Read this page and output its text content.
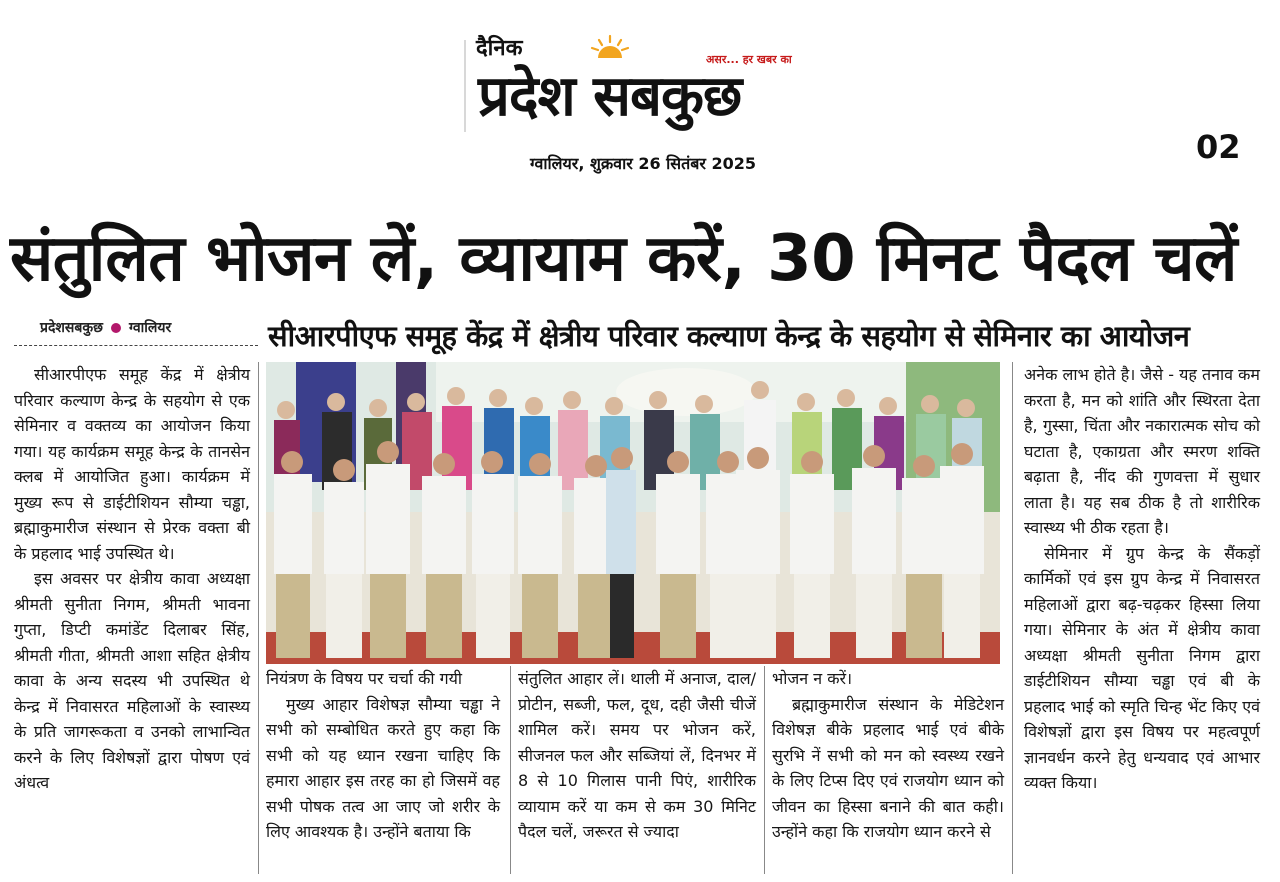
दैनिक	असर... हर खबर का
प्रदेश सबकुछ
ग्वालियर, शुक्रवार 26 सितंबर 2025	02
संतुलित भोजन लें, व्यायाम करें, 30 मिनट पैदल चलें
प्रदेशसबकुछ ग्वालियर	सीआरपीएफ समूह केंद्र में क्षेत्रीय परिवार कल्याण केन्द्र के सहयोग से सेमिनार का आयोजन

सीआरपीएफ समूह केंद्र में क्षेत्रीय परिवार कल्याण केन्द्र के सहयोग से एक सेमिनार व वक्तव्य का आयोजन किया गया। यह कार्यक्रम समूह केन्द्र के तानसेन क्लब में आयोजित हुआ। कार्यक्रम में मुख्य रूप से डाईटीशियन सौम्या चड्ढा, ब्रह्माकुमारीज संस्थान से प्रेरक वक्ता बी के प्रहलाद भाई उपस्थित थे।

इस अवसर पर क्षेत्रीय कावा अध्यक्षा श्रीमती सुनीता निगम, श्रीमती भावना गुप्ता, डिप्टी कमांडेंट दिलाबर सिंह, श्रीमती गीता, श्रीमती आशा सहित क्षेत्रीय कावा के अन्य सदस्य भी उपस्थित थे केन्द्र में निवासरत महिलाओं के स्वास्थ्य के प्रति जागरूकता व उनको लाभान्वित करने के लिए विशेषज्ञों द्वारा पोषण एवं अंधत्व

नियंत्रण के विषय पर चर्चा की गयी

मुख्य आहार विशेषज्ञ सौम्या चड्ढा ने सभी को सम्बोधित करते हुए कहा कि सभी को यह ध्यान रखना चाहिए कि हमारा आहार इस तरह का हो जिसमें वह सभी पोषक तत्व आ जाए जो शरीर के लिए आवश्यक है। उन्होंने बताया कि

संतुलित आहार लें। थाली में अनाज, दाल/ प्रोटीन, सब्जी, फल, दूध, दही जैसी चीजें शामिल करें। समय पर भोजन करें, सीजनल फल और सब्जियां लें, दिनभर में 8 से 10 गिलास पानी पिएं, शारीरिक व्यायाम करें या कम से कम 30 मिनिट पैदल चलें, जरूरत से ज्यादा

भोजन न करें।

ब्रह्माकुमारीज संस्थान के मेडिटेशन विशेषज्ञ बीके प्रहलाद भाई एवं बीके सुरभि नें सभी को मन को स्वस्थ्य रखने के लिए टिप्स दिए एवं राजयोग ध्यान को जीवन का हिस्सा बनाने की बात कही। उन्होंने कहा कि राजयोग ध्यान करने से

अनेक लाभ होते है। जैसे - यह तनाव कम करता है, मन को शांति और स्थिरता देता है, गुस्सा, चिंता और नकारात्मक सोच को घटाता है, एकाग्रता और स्मरण शक्ति बढ़ाता है, नींद की गुणवत्ता में सुधार लाता है। यह सब ठीक है तो शारीरिक स्वास्थ्य भी ठीक रहता है।

सेमिनार में ग्रुप केन्द्र के सैंकड़ों कार्मिकों एवं इस ग्रुप केन्द्र में निवासरत महिलाओं द्वारा बढ़-चढ़कर हिस्सा लिया गया। सेमिनार के अंत में क्षेत्रीय कावा अध्यक्षा श्रीमती सुनीता निगम द्वारा डाईटीशियन सौम्या चड्ढा एवं बी के प्रहलाद भाई को स्मृति चिन्ह भेंट किए एवं विशेषज्ञों द्वारा इस विषय पर महत्वपूर्ण ज्ञानवर्धन करने हेतु धन्यवाद एवं आभार व्यक्त किया।
